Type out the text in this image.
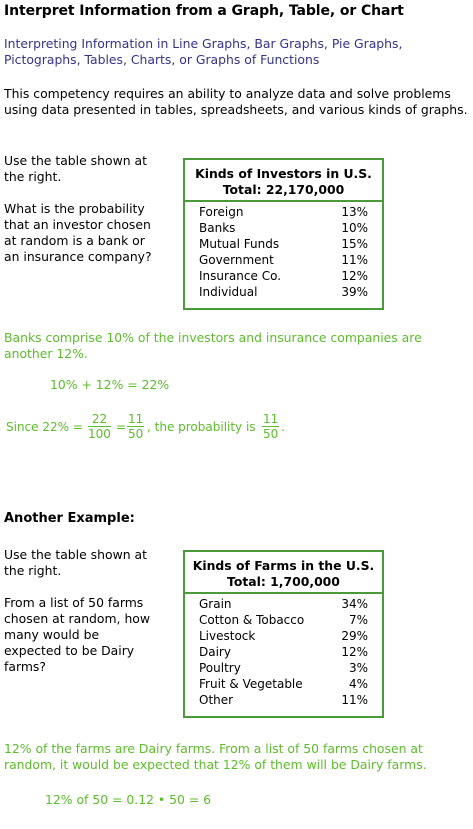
Interpret Information from a Graph, Table, or Chart
Interpreting Information in Line Graphs, Bar Graphs, Pie Graphs, Pictographs, Tables, Charts, or Graphs of Functions
This competency requires an ability to analyze data and solve problems using data presented in tables, spreadsheets, and various kinds of graphs.
Use the table shown at the right.
What is the probability that an investor chosen at random is a bank or an insurance company?
Kinds of Investors in U.S.
Total: 22,170,000
Foreign	13%
Banks	10%
Mutual Funds	15%
Government	11%
Insurance Co.	12%
Individual	39%
Banks comprise 10% of the investors and insurance companies are another 12%.
10% + 12% = 22%
Since $22\% = \frac{22}{100} = \frac{11}{50}$ , the probability is $\frac{11}{50}$ .
Another Example:
Use the table shown at the right.
From a list of 50 farms chosen at random, how many would be expected to be Dairy farms?
Kinds of Farms in the U.S.
Total: 1,700,000
Grain	34%
Cotton & Tobacco	7%
Livestock	29%
Dairy	12%
Poultry	3%
Fruit & Vegetable	4%
Other	11%
12% of the farms are Dairy farms. From a list of 50 farms chosen at random, it would be expected that 12% of them will be Dairy farms.
12% of 50 = 0.12 • 50 = 6
